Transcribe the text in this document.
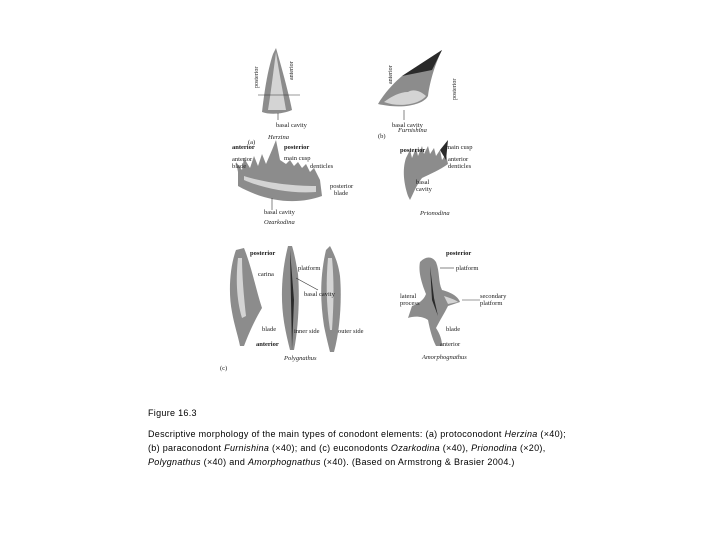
posterior	anterior
basal cavity
Herzina
(a)
anterior
posterior
basal cavity
Furnishina
(b)
anterior	posterior
anterior
blade
main cusp
denticles
posterior
blade
basal cavity
Ozarkodina
posterior	main cusp
anterior
denticles
basal
cavity
Prionodina
posterior
carina
platform
basal cavity
blade	inner side	outer side
anterior
Polygnathus
(c)
posterior
platform
secondary
platform
lateral
process
blade
anterior
Amorphognathus

Figure 16.3

Descriptive morphology of the main types of conodont elements: (a) protoconodont Herzina (×40); (b) paraconodont Furnishina (×40); and (c) euconodonts Ozarkodina (×40), Prionodina (×20), Polygnathus (×40) and Amorphognathus (×40). (Based on Armstrong & Brasier 2004.)
